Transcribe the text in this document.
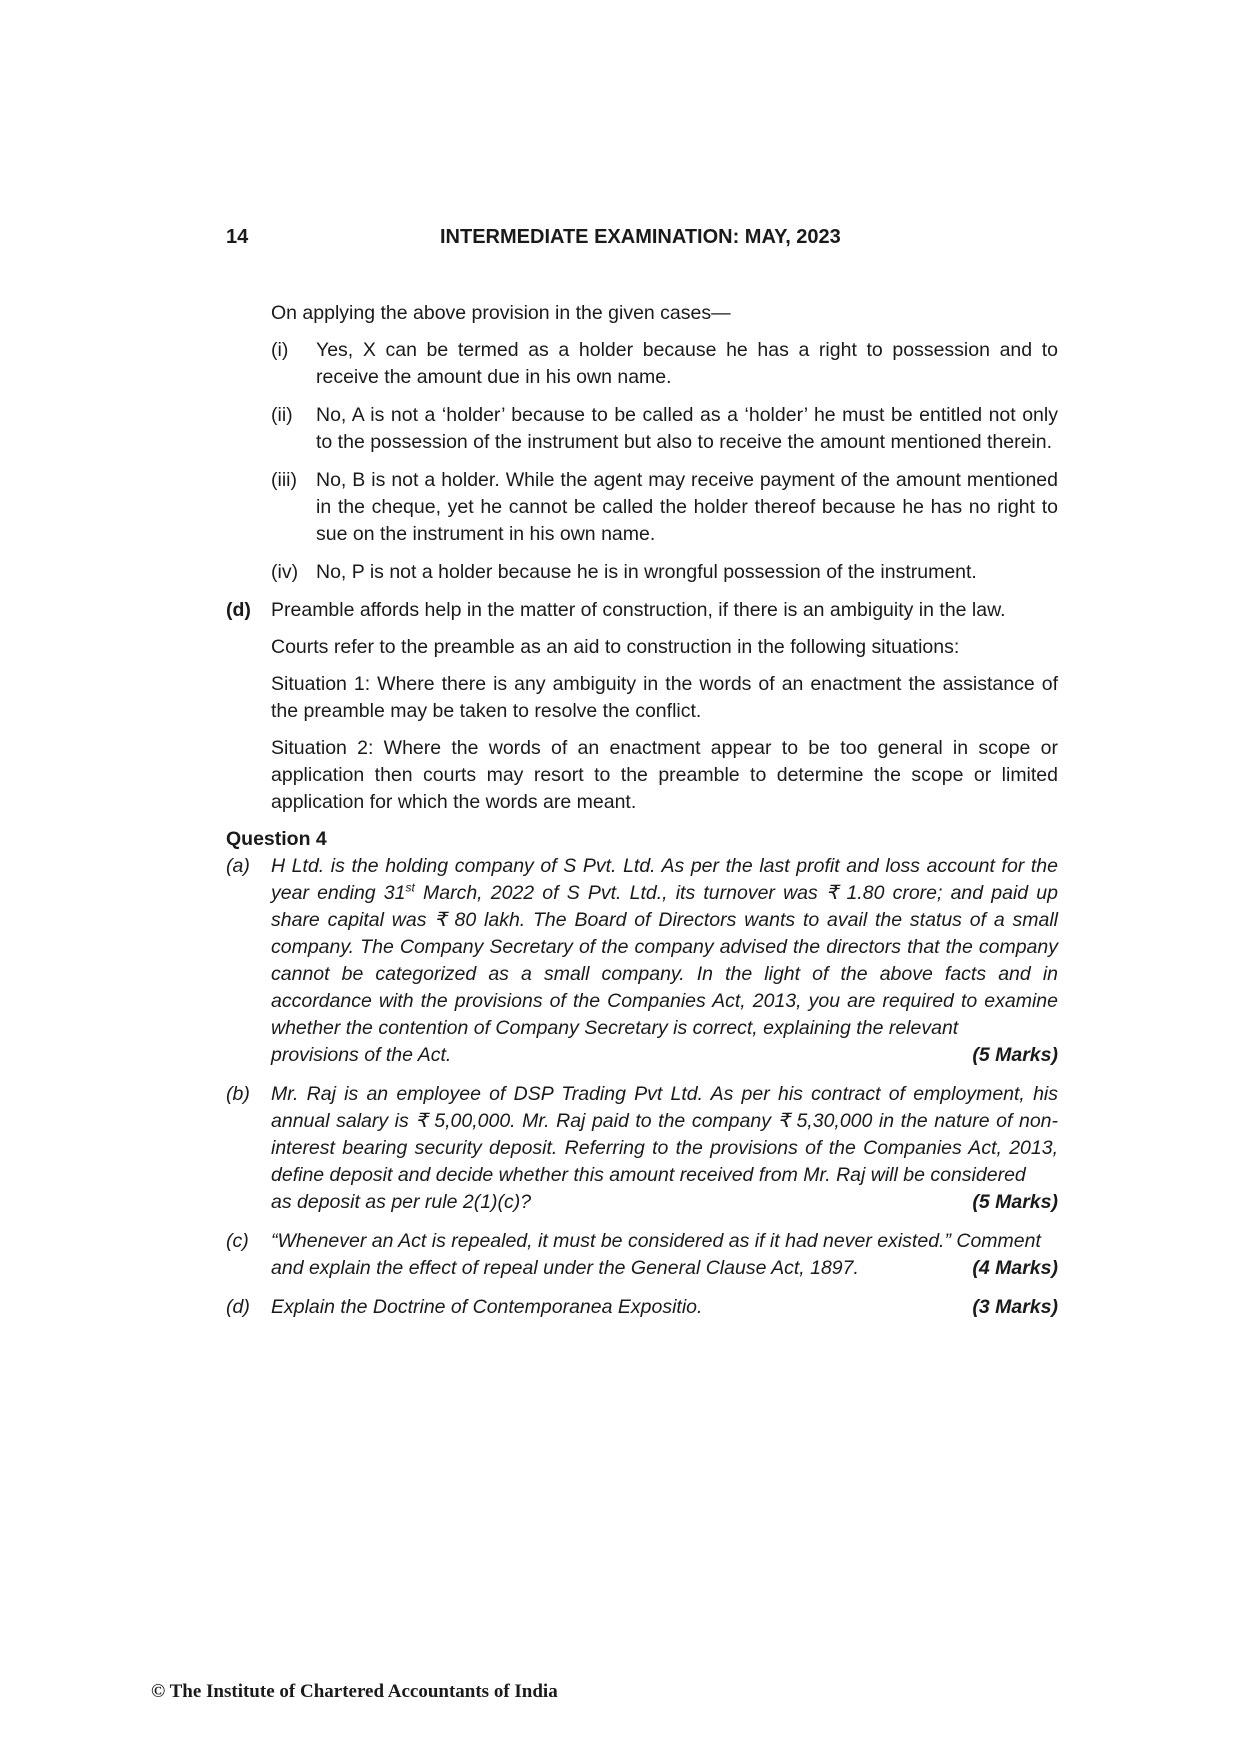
14	INTERMEDIATE EXAMINATION: MAY, 2023

On applying the above provision in the given cases—

(i)	Yes, X can be termed as a holder because he has a right to possession and to receive the amount due in his own name.
(ii)	No, A is not a ‘holder’ because to be called as a ‘holder’ he must be entitled not only to the possession of the instrument but also to receive the amount mentioned therein.
(iii) No, B is not a holder. While the agent may receive payment of the amount mentioned in the cheque, yet he cannot be called the holder thereof because he has no right to sue on the instrument in his own name.
(iv) No, P is not a holder because he is in wrongful possession of the instrument.
(d)	Preamble affords help in the matter of construction, if there is an ambiguity in the law.

Courts refer to the preamble as an aid to construction in the following situations:

Situation 1: Where there is any ambiguity in the words of an enactment the assistance of the preamble may be taken to resolve the conflict.

Situation 2: Where the words of an enactment appear to be too general in scope or application then courts may resort to the preamble to determine the scope or limited application for which the words are meant.

Question 4

(a)	H Ltd. is the holding company of S Pvt. Ltd. As per the last profit and loss account for the year ending 31st March, 2022 of S Pvt. Ltd., its turnover was ₹ 1.80 crore; and paid up share capital was ₹ 80 lakh. The Board of Directors wants to avail the status of a small company. The Company Secretary of the company advised the directors that the company cannot be categorized as a small company. In the light of the above facts and in accordance with the provisions of the Companies Act, 2013, you are required to examine whether the contention of Company Secretary is correct, explaining the relevant
provisions of the Act.	(5 Marks)
(b)	Mr. Raj is an employee of DSP Trading Pvt Ltd. As per his contract of employment, his annual salary is ₹ 5,00,000. Mr. Raj paid to the company ₹ 5,30,000 in the nature of non-interest bearing security deposit. Referring to the provisions of the Companies Act, 2013, define deposit and decide whether this amount received from Mr. Raj will be considered
as deposit as per rule 2(1)(c)?	(5 Marks)
(c)	“Whenever an Act is repealed, it must be considered as if it had never existed.” Comment
and explain the effect of repeal under the General Clause Act, 1897.	(4 Marks)
(d)	Explain the Doctrine of Contemporanea Expositio.	(3 Marks)
© The Institute of Chartered Accountants of India
